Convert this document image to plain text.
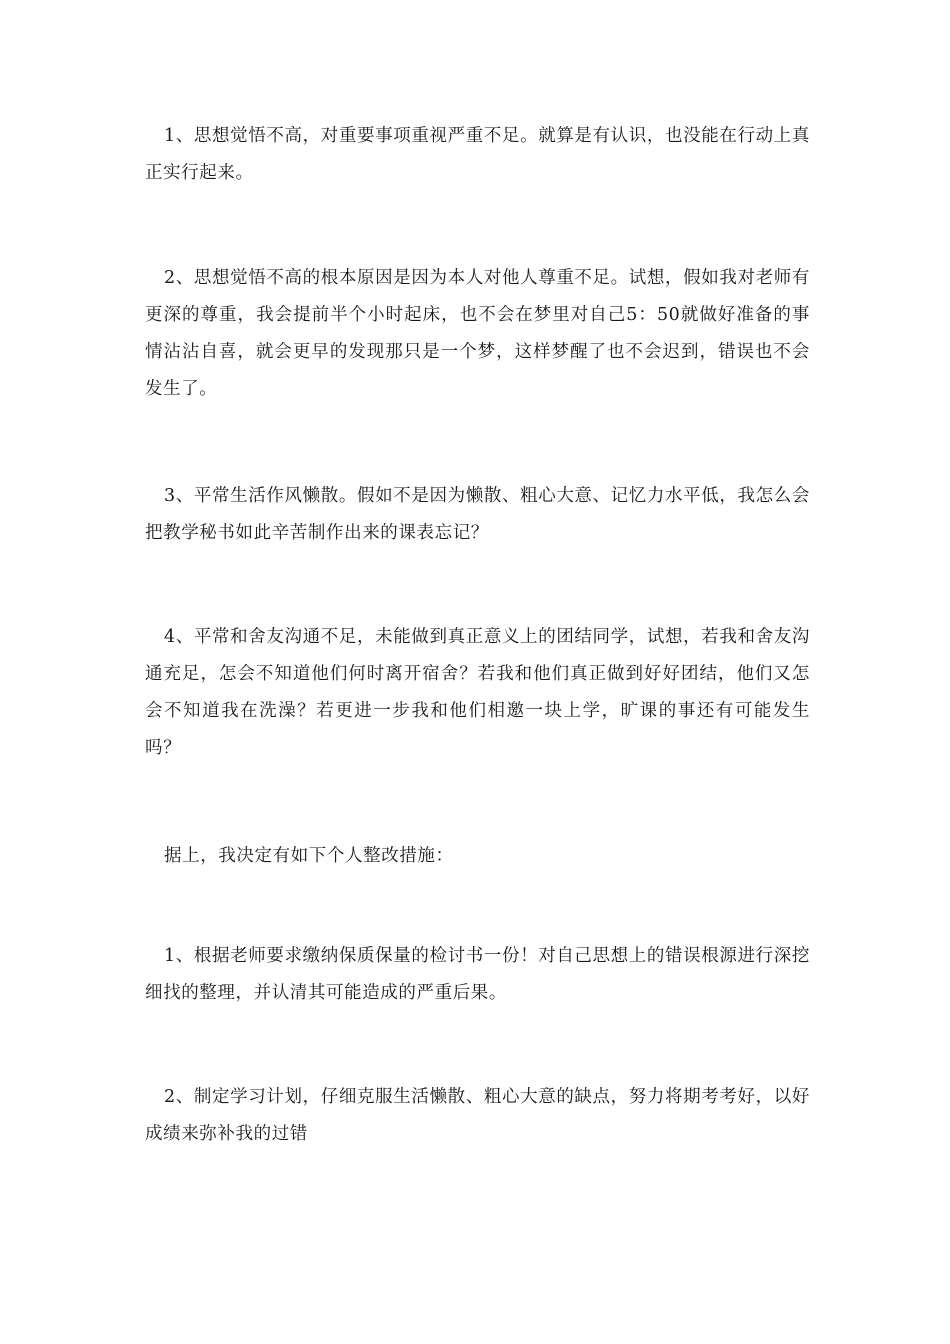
1、思想觉悟不高，对重要事项重视严重不足。就算是有认识，也没能在行动上真正实行起来。

2、思想觉悟不高的根本原因是因为本人对他人尊重不足。试想，假如我对老师有更深的尊重，我会提前半个小时起床，也不会在梦里对自己5：50就做好准备的事情沾沾自喜，就会更早的发现那只是一个梦，这样梦醒了也不会迟到，错误也不会发生了。

3、平常生活作风懒散。假如不是因为懒散、粗心大意、记忆力水平低，我怎么会把教学秘书如此辛苦制作出来的课表忘记？

4、平常和舍友沟通不足，未能做到真正意义上的团结同学，试想，若我和舍友沟通充足，怎会不知道他们何时离开宿舍？若我和他们真正做到好好团结，他们又怎会不知道我在洗澡？若更进一步我和他们相邀一块上学，旷课的事还有可能发生吗？

据上，我决定有如下个人整改措施：

1、根据老师要求缴纳保质保量的检讨书一份！对自己思想上的错误根源进行深挖细找的整理，并认清其可能造成的严重后果。

2、制定学习计划，仔细克服生活懒散、粗心大意的缺点，努力将期考考好，以好成绩来弥补我的过错
